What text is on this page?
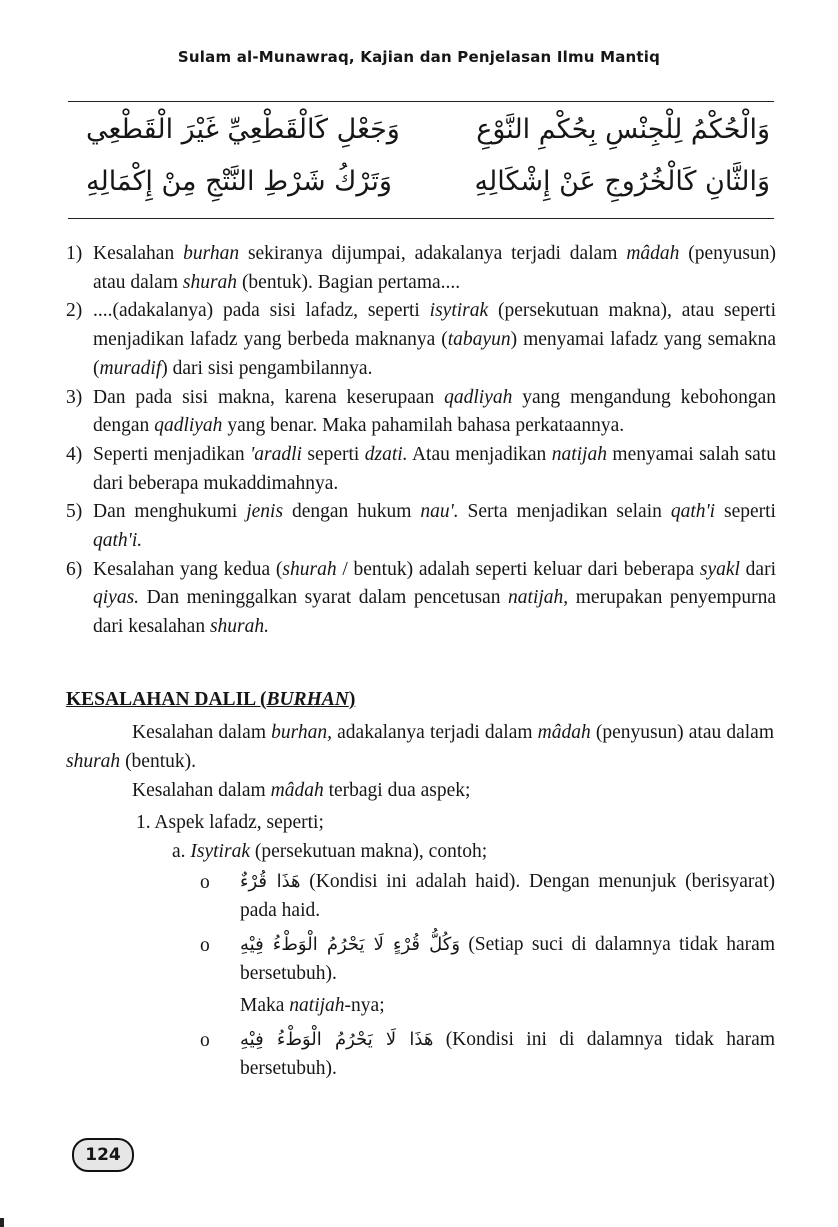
Sulam al-Munawraq, Kajian dan Penjelasan Ilmu Mantiq
وَالْحُكْمُ لِلْجِنْسِ بِحُكْمِ النَّوْعِ
وَجَعْلِ كَالْقَطْعِيِّ غَيْرَ الْقَطْعِي
وَالثَّانِ كَالْخُرُوجِ عَنْ إِشْكَالِهِ
وَتَرْكُ شَرْطِ النَّتْجِ مِنْ إِكْمَالِهِ
1) Kesalahan burhan sekiranya dijumpai, adakalanya terjadi dalam mâdah (penyusun) atau dalam shurah (bentuk). Bagian pertama....
2) ....(adakalanya) pada sisi lafadz, seperti isytirak (persekutuan makna), atau seperti menjadikan lafadz yang berbeda maknanya (tabayun) menyamai lafadz yang semakna (muradif) dari sisi pengambilannya.
3) Dan pada sisi makna, karena keserupaan qadliyah yang mengandung kebohongan dengan qadliyah yang benar. Maka pahamilah bahasa perkataannya.
4) Seperti menjadikan 'aradli seperti dzati. Atau menjadikan natijah menyamai salah satu dari beberapa mukaddimahnya.
5) Dan menghukumi jenis dengan hukum nau'. Serta menjadikan selain qath'i seperti qath'i.
6) Kesalahan yang kedua (shurah / bentuk) adalah seperti keluar dari beberapa syakl dari qiyas. Dan meninggalkan syarat dalam pencetusan natijah, merupakan penyempurna dari kesalahan shurah.
KESALAHAN DALIL (BURHAN)
Kesalahan dalam burhan, adakalanya terjadi dalam mâdah (penyusun) atau dalam shurah (bentuk).
Kesalahan dalam mâdah terbagi dua aspek;
1. Aspek lafadz, seperti;
a. Isytirak (persekutuan makna), contoh;
o هَذَا قُرْءٌ (Kondisi ini adalah haid). Dengan menunjuk (berisyarat) pada haid.
o وَكُلُّ قُرْءٍ لَا يَحْرُمُ الْوَطْءُ فِيْهِ (Setiap suci di dalamnya tidak haram bersetubuh).
Maka natijah-nya;
o هَذَا لَا يَحْرُمُ الْوَطْءُ فِيْهِ (Kondisi ini di dalamnya tidak haram bersetubuh).
124
